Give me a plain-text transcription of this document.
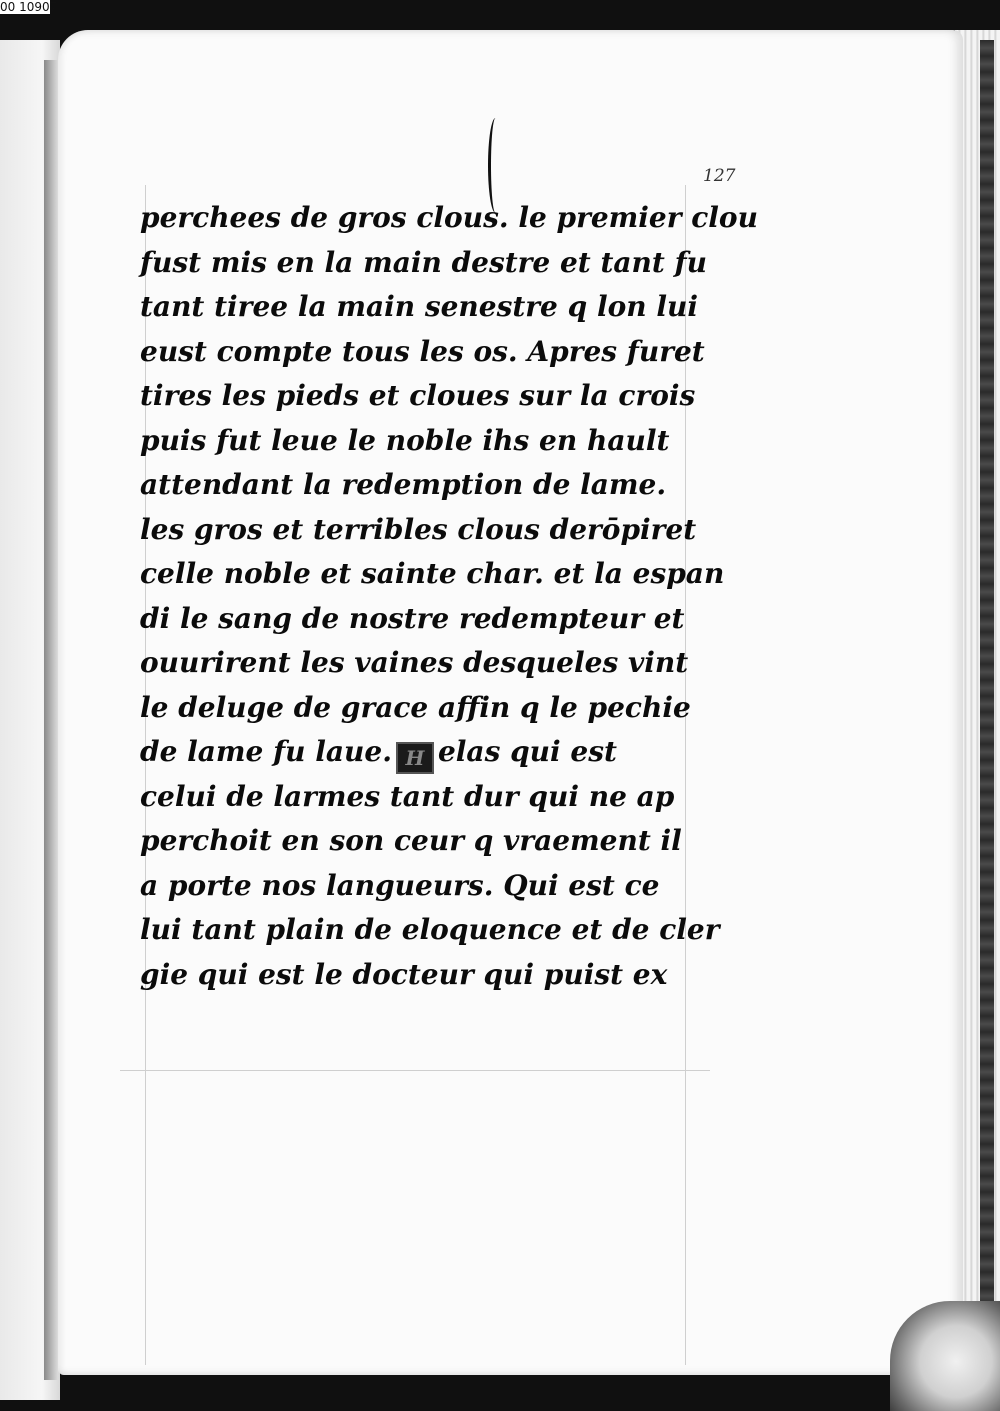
00 10907
127
perchees de gros clous. le premier clou
fust mis en la main destre et tant fu
tant tiree la main senestre q lon lui
eust compte tous les os. Apres furet
tires les pieds et cloues sur la crois
puis fut leue le noble ihs en hault
attendant la redemption de lame.
les gros et terribles clous derōpiret
celle noble et sainte char. et la espan
di le sang de nostre redempteur et
ouurirent les vaines desqueles vint
le deluge de grace affin q le pechie
de lame fu laue. H elas qui est
celui de larmes tant dur qui ne ap
perchoit en son ceur q vraement il
a porte nos langueurs. Qui est ce
lui tant plain de eloquence et de cler
gie qui est le docteur qui puist ex
